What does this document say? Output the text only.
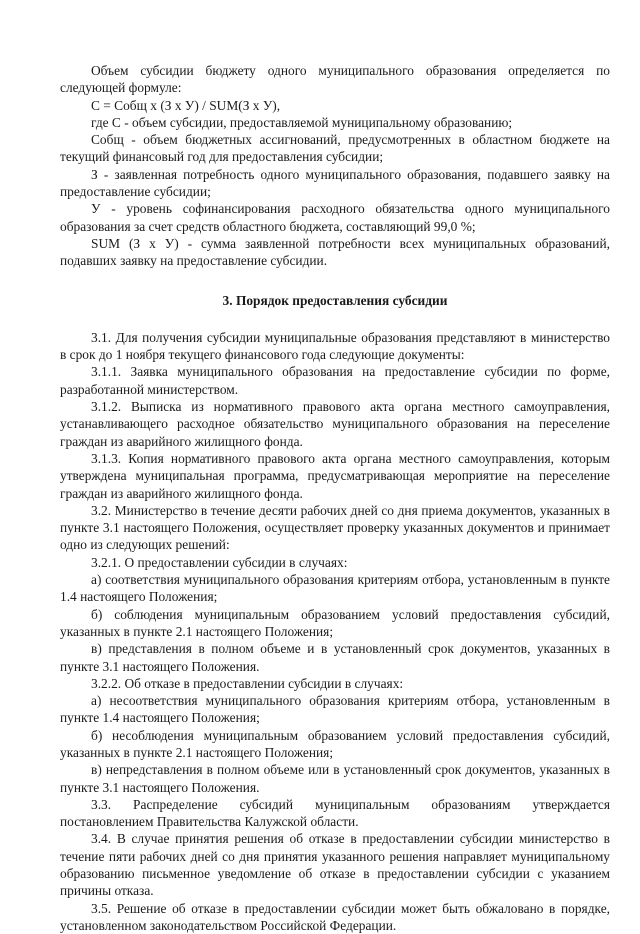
Объем субсидии бюджету одного муниципального образования определяется по следующей формуле:

С = Собщ х (З х У) / SUM(З х У),

где С - объем субсидии, предоставляемой муниципальному образованию;

Собщ - объем бюджетных ассигнований, предусмотренных в областном бюджете на текущий финансовый год для предоставления субсидии;

З - заявленная потребность одного муниципального образования, подавшего заявку на предоставление субсидии;

У - уровень софинансирования расходного обязательства одного муниципального образования за счет средств областного бюджета, составляющий 99,0 %;

SUM (З х У) - сумма заявленной потребности всех муниципальных образований, подавших заявку на предоставление субсидии.

3. Порядок предоставления субсидии

3.1. Для получения субсидии муниципальные образования представляют в министерство в срок до 1 ноября текущего финансового года следующие документы:

3.1.1. Заявка муниципального образования на предоставление субсидии по форме, разработанной министерством.

3.1.2. Выписка из нормативного правового акта органа местного самоуправления, устанавливающего расходное обязательство муниципального образования на переселение граждан из аварийного жилищного фонда.

3.1.3. Копия нормативного правового акта органа местного самоуправления, которым утверждена муниципальная программа, предусматривающая мероприятие на переселение граждан из аварийного жилищного фонда.

3.2. Министерство в течение десяти рабочих дней со дня приема документов, указанных в пункте 3.1 настоящего Положения, осуществляет проверку указанных документов и принимает одно из следующих решений:

3.2.1. О предоставлении субсидии в случаях:

а) соответствия муниципального образования критериям отбора, установленным в пункте 1.4 настоящего Положения;

б) соблюдения муниципальным образованием условий предоставления субсидий, указанных в пункте 2.1 настоящего Положения;

в) представления в полном объеме и в установленный срок документов, указанных в пункте 3.1 настоящего Положения.

3.2.2. Об отказе в предоставлении субсидии в случаях:

а) несоответствия муниципального образования критериям отбора, установленным в пункте 1.4 настоящего Положения;

б) несоблюдения муниципальным образованием условий предоставления субсидий, указанных в пункте 2.1 настоящего Положения;

в) непредставления в полном объеме или в установленный срок документов, указанных в пункте 3.1 настоящего Положения.

3.3. Распределение субсидий муниципальным образованиям утверждается постановлением Правительства Калужской области.

3.4. В случае принятия решения об отказе в предоставлении субсидии министерство в течение пяти рабочих дней со дня принятия указанного решения направляет муниципальному образованию письменное уведомление об отказе в предоставлении субсидии с указанием причины отказа.

3.5. Решение об отказе в предоставлении субсидии может быть обжаловано в порядке, установленном законодательством Российской Федерации.
